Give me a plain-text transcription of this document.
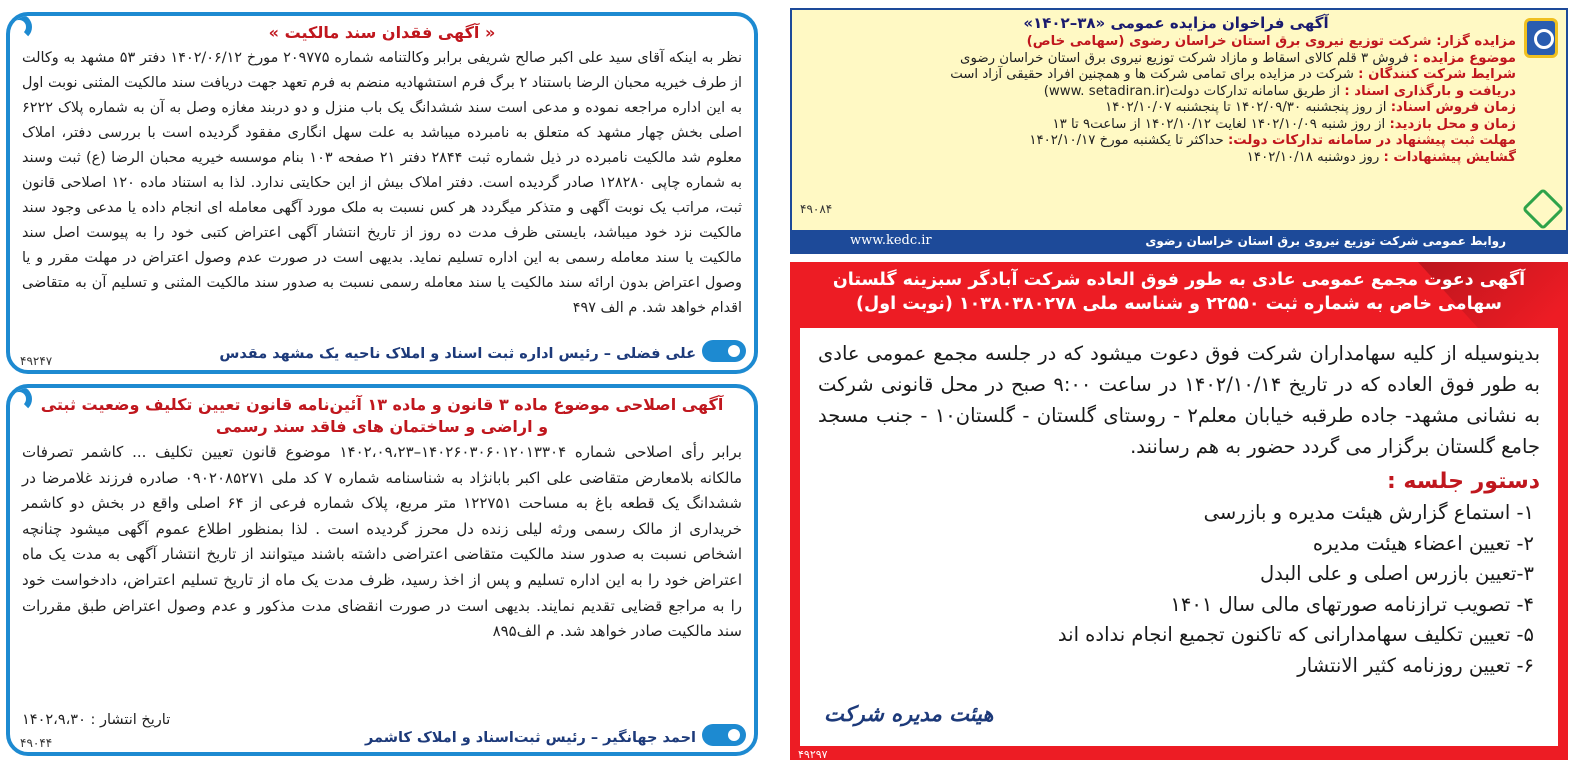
« آگهی فقدان سند مالکیت »
نظر به اینکه آقای سید علی اکبر صالح شریفی برابر وکالتنامه شماره ۲۰۹۷۷۵ مورخ ۱۴۰۲/۰۶/۱۲ دفتر ۵۳ مشهد به وکالت از طرف خیریه محبان الرضا باستناد ۲ برگ فرم استشهادیه منضم به فرم تعهد جهت دریافت سند مالکیت المثنی نوبت اول به این اداره مراجعه نموده و مدعی است سند ششدانگ یک باب منزل و دو دربند مغازه وصل به آن به شماره پلاک ۶۲۲۲ اصلی بخش چهار مشهد که متعلق به نامبرده میباشد به علت سهل انگاری مفقود گردیده است با بررسی دفتر، املاک معلوم شد مالکیت نامبرده در ذیل شماره ثبت ۲۸۴۴ دفتر ۲۱ صفحه ۱۰۳ بنام موسسه خیریه محبان الرضا (ع) ثبت وسند به شماره چاپی ۱۲۸۲۸۰ صادر گردیده است. دفتر املاک بیش از این حکایتی ندارد. لذا به استناد ماده ۱۲۰ اصلاحی قانون ثبت، مراتب یک نوبت آگهی و متذکر میگردد هر کس نسبت به ملک مورد آگهی معامله ای انجام داده یا مدعی وجود سند مالکیت نزد خود میباشد، بایستی ظرف مدت ده روز از تاریخ انتشار آگهی اعتراض کتبی خود را به پیوست اصل سند مالکیت یا سند معامله رسمی به این اداره تسلیم نماید. بدیهی است در صورت عدم وصول اعتراض در مهلت مقرر و یا وصول اعتراض بدون ارائه سند مالکیت یا سند معامله رسمی نسبت به صدور سند مالکیت المثنی و تسلیم آن به متقاضی اقدام خواهد شد. م الف ۴۹۷
علی فضلی – رئیس اداره ثبت اسناد و املاک ناحیه یک مشهد مقدس
۴۹۲۴۷
آگهی اصلاحی موضوع ماده ۳ قانون و ماده ۱۳ آئین‌نامه قانون تعیین تکلیف وضعیت ثبتی
و اراضی و ساختمان های فاقد سند رسمی
برابر رأی اصلاحی شماره ۱۴۰۲۶۰۳۰۶۰۱۲۰۱۳۳۰۴–۱۴۰۲،۰۹،۲۳ موضوع قانون تعیین تکلیف ... کاشمر تصرفات مالکانه بلامعارض متقاضی علی اکبر بابانژاد به شناسنامه شماره ۷ کد ملی ۰۹۰۲۰۸۵۲۷۱ صادره فرزند غلامرضا در ششدانگ یک قطعه باغ به مساحت ۱۲۲۷۵۱ متر مربع، پلاک شماره فرعی از ۶۴ اصلی واقع در بخش دو کاشمر خریداری از مالک رسمی ورثه لیلی زنده دل محرز گردیده است . لذا بمنظور اطلاع عموم آگهی میشود چنانچه اشخاص نسبت به صدور سند مالکیت متقاضی اعتراضی داشته باشند میتوانند از تاریخ انتشار آگهی به مدت یک ماه اعتراض خود را به این اداره تسلیم و پس از اخذ رسید، ظرف مدت یک ماه از تاریخ تسلیم اعتراض، دادخواست خود را به مراجع قضایی تقدیم نمایند. بدیهی است در صورت انقضای مدت مذکور و عدم وصول اعتراض طبق مقررات سند مالکیت صادر خواهد شد. م الف۸۹۵
تاریخ انتشار : ۱۴۰۲،۹،۳۰
احمد جهانگیر – رئیس ثبت‌اسناد و املاک کاشمر
۴۹۰۴۴
آگهی فراخوان مزایده عمومی «۳۸–۱۴۰۲»
مزایده گزار: شرکت توزیع نیروی برق استان خراسان رضوی (سهامی خاص)
موضوع مزایده : فروش ۳ قلم کالای اسقاط و مازاد شرکت توزیع نیروی برق استان خراسان رضوی
شرایط شرکت کنندگان : شرکت در مزایده برای تمامی شرکت ها و همچنین افراد حقیقی آزاد است
دریافت و بارگذاری اسناد : از طریق سامانه تدارکات دولت(www. setadiran.ir)
زمان فروش اسناد: از روز پنجشنبه ۱۴۰۲/۰۹/۳۰ تا پنجشنبه ۱۴۰۲/۱۰/۰۷
زمان و محل بازدید: از روز شنبه ۱۴۰۲/۱۰/۰۹ لغایت ۱۴۰۲/۱۰/۱۲ از ساعت۹ تا ۱۳
مهلت ثبت پیشنهاد در سامانه تدارکات دولت: حداکثر تا یکشنبه مورخ ۱۴۰۲/۱۰/۱۷
گشایش پیشنهادات : روز دوشنبه ۱۴۰۲/۱۰/۱۸
۴۹۰۸۴
روابط عمومی شرکت توزیع نیروی برق استان خراسان رضوی
www.kedc.ir
آگهی دعوت مجمع عمومی عادی به طور فوق العاده شرکت آبادگر سبزینه گلستان
سهامی خاص به شماره ثبت ۲۲۵۵۰ و شناسه ملی ۱۰۳۸۰۳۸۰۲۷۸ (نوبت اول)
بدینوسیله از کلیه سهامداران شرکت فوق دعوت میشود که در جلسه مجمع عمومی عادی به طور فوق العاده که در تاریخ ۱۴۰۲/۱۰/۱۴ در ساعت ۹:۰۰ صبح در محل قانونی شرکت به نشانی مشهد- جاده طرقبه خیابان معلم۲ - روستای گلستان - گلستان۱۰ - جنب مسجد جامع گلستان برگزار می گردد حضور به هم رسانند.
دستور جلسه :
۱- استماع گزارش هیئت مدیره و بازرسی
۲- تعیین اعضاء هیئت مدیره
۳-تعیین بازرس اصلی و علی البدل
۴- تصویب ترازنامه صورتهای مالی سال ۱۴۰۱
۵- تعیین تکلیف سهامدارانی که تاکنون تجمیع انجام نداده اند
۶- تعیین روزنامه کثیر الانتشار
هیئت مدیره شرکت
۴۹۲۹۷
